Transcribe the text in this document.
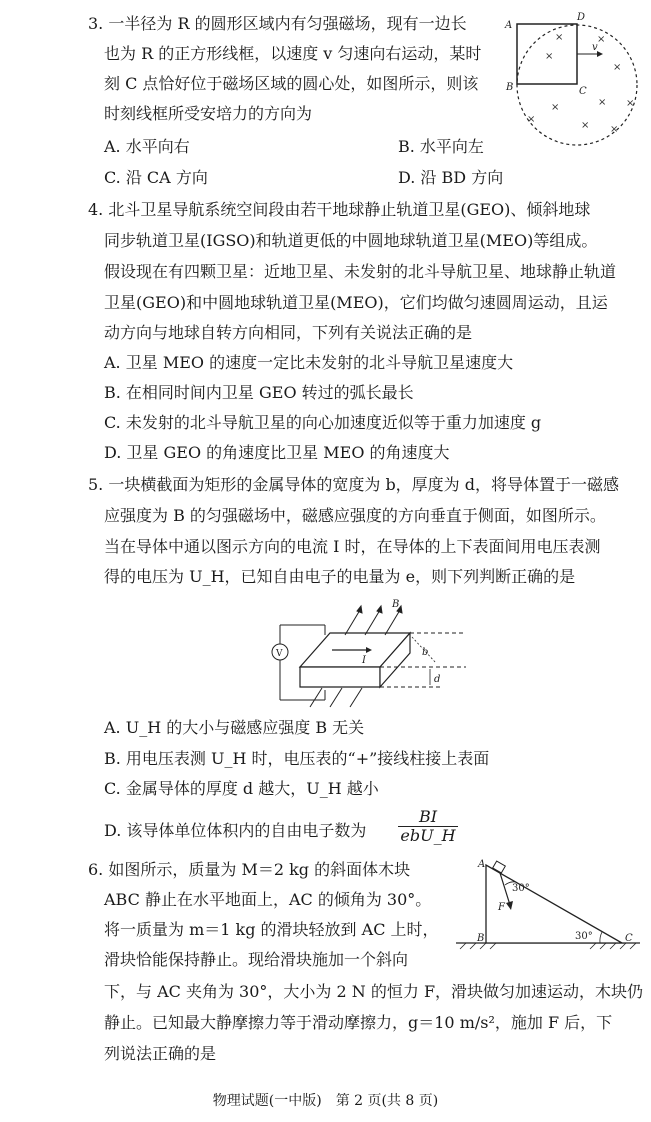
3. 一半径为 R 的圆形区域内有匀强磁场，现有一边长
也为 R 的正方形线框，以速度 v 匀速向右运动，某时
刻 C 点恰好位于磁场区域的圆心处，如图所示，则该
时刻线框所受安培力的方向为
A. 水平向右	B. 水平向左
C. 沿 CA 方向	D. 沿 BD 方向
×
×	×
×
× ×
×
×
× ×
A
D
B	C
v
4. 北斗卫星导航系统空间段由若干地球静止轨道卫星(GEO)、倾斜地球
同步轨道卫星(IGSO)和轨道更低的中圆地球轨道卫星(MEO)等组成。
假设现在有四颗卫星：近地卫星、未发射的北斗导航卫星、地球静止轨道
卫星(GEO)和中圆地球轨道卫星(MEO)，它们均做匀速圆周运动，且运
动方向与地球自转方向相同，下列有关说法正确的是
A. 卫星 MEO 的速度一定比未发射的北斗导航卫星速度大
B. 在相同时间内卫星 GEO 转过的弧长最长
C. 未发射的北斗导航卫星的向心加速度近似等于重力加速度 g
D. 卫星 GEO 的角速度比卫星 MEO 的角速度大
5. 一块横截面为矩形的金属导体的宽度为 b，厚度为 d，将导体置于一磁感
应强度为 B 的匀强磁场中，磁感应强度的方向垂直于侧面，如图所示。
当在导体中通以图示方向的电流 I 时，在导体的上下表面间用电压表测
得的电压为 U_H，已知自由电子的电量为 e，则下列判断正确的是
V
I
B
b
d
A. U_H 的大小与磁感应强度 B 无关
B. 用电压表测 U_H 时，电压表的“+”接线柱接上表面
C. 金属导体的厚度 d 越大，U_H 越小
D. 该导体单位体积内的自由电子数为
BI
ebU_H
6. 如图所示，质量为 M＝2 kg 的斜面体木块
ABC 静止在水平地面上，AC 的倾角为 30°。
将一质量为 m＝1 kg 的滑块轻放到 AC 上时，
滑块恰能保持静止。现给滑块施加一个斜向
下，与 AC 夹角为 30°，大小为 2 N 的恒力 F，滑块做匀加速运动，木块仍
静止。已知最大静摩擦力等于滑动摩擦力，g＝10 m/s²，施加 F 后，下
列说法正确的是
A
B	C
F
30°
30°
物理试题(一中版)　第 2 页(共 8 页)
